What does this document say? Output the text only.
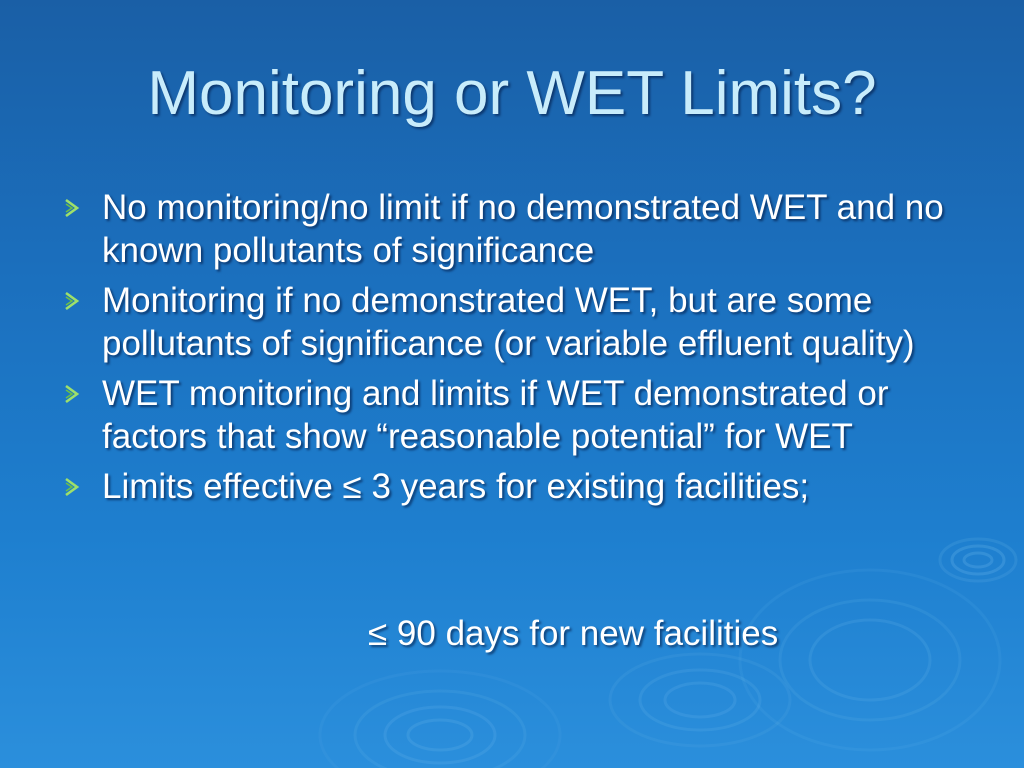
Monitoring or WET Limits?
No monitoring/no limit if no demonstrated WET and no known pollutants of significance
Monitoring if no demonstrated WET, but are some pollutants of significance (or variable effluent quality)
WET monitoring and limits if WET demonstrated or factors that show “reasonable potential” for WET
Limits effective ≤ 3 years for existing facilities;
≤ 90 days for new facilities
